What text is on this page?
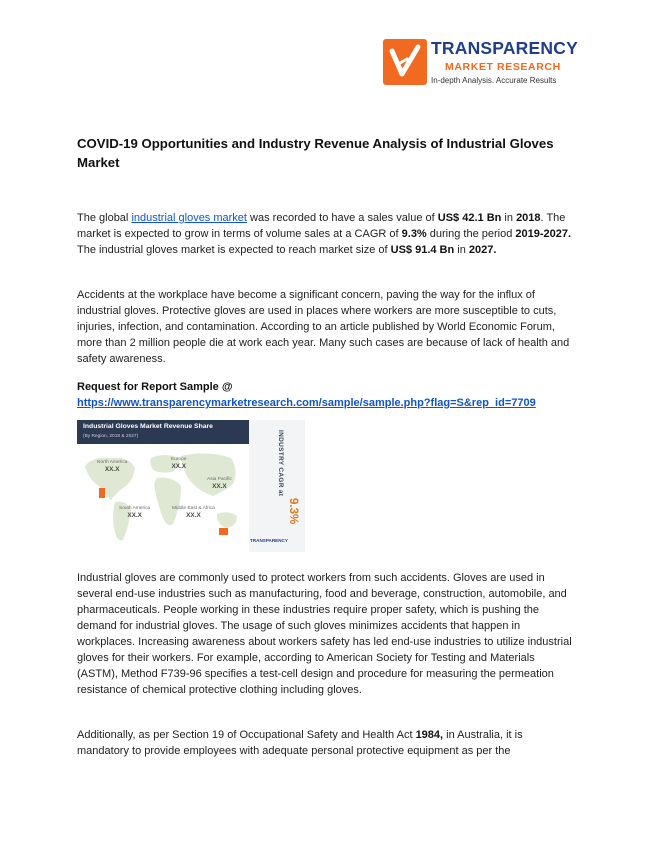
TRANSPARENCY
MARKET RESEARCH
In-depth Analysis. Accurate Results
COVID-19 Opportunities and Industry Revenue Analysis of Industrial Gloves Market

The global industrial gloves market was recorded to have a sales value of US$ 42.1 Bn in 2018. The market is expected to grow in terms of volume sales at a CAGR of 9.3% during the period 2019-2027. The industrial gloves market is expected to reach market size of US$ 91.4 Bn in 2027.

Accidents at the workplace have become a significant concern, paving the way for the influx of industrial gloves. Protective gloves are used in places where workers are more susceptible to cuts, injuries, infection, and contamination. According to an article published by World Economic Forum, more than 2 million people die at work each year. Many such cases are because of lack of health and safety awareness.

Request for Report Sample @
https://www.transparencymarketresearch.com/sample/sample.php?flag=S&rep_id=7709
Industrial Gloves Market Revenue Share
(By Region, 2018 & 2027)
North America
XX.X
Europe
XX.X
Asia Pacific
XX.X
South America
XX.X
Middle East & Africa
XX.X
INDUSTRY CAGR at
9.3%
TRANSPARENCY

Industrial gloves are commonly used to protect workers from such accidents. Gloves are used in several end-use industries such as manufacturing, food and beverage, construction, automobile, and pharmaceuticals. People working in these industries require proper safety, which is pushing the demand for industrial gloves. The usage of such gloves minimizes accidents that happen in workplaces. Increasing awareness about workers safety has led end-use industries to utilize industrial gloves for their workers. For example, according to American Society for Testing and Materials (ASTM), Method F739-96 specifies a test-cell design and procedure for measuring the permeation resistance of chemical protective clothing including gloves.

Additionally, as per Section 19 of Occupational Safety and Health Act 1984, in Australia, it is mandatory to provide employees with adequate personal protective equipment as per the
